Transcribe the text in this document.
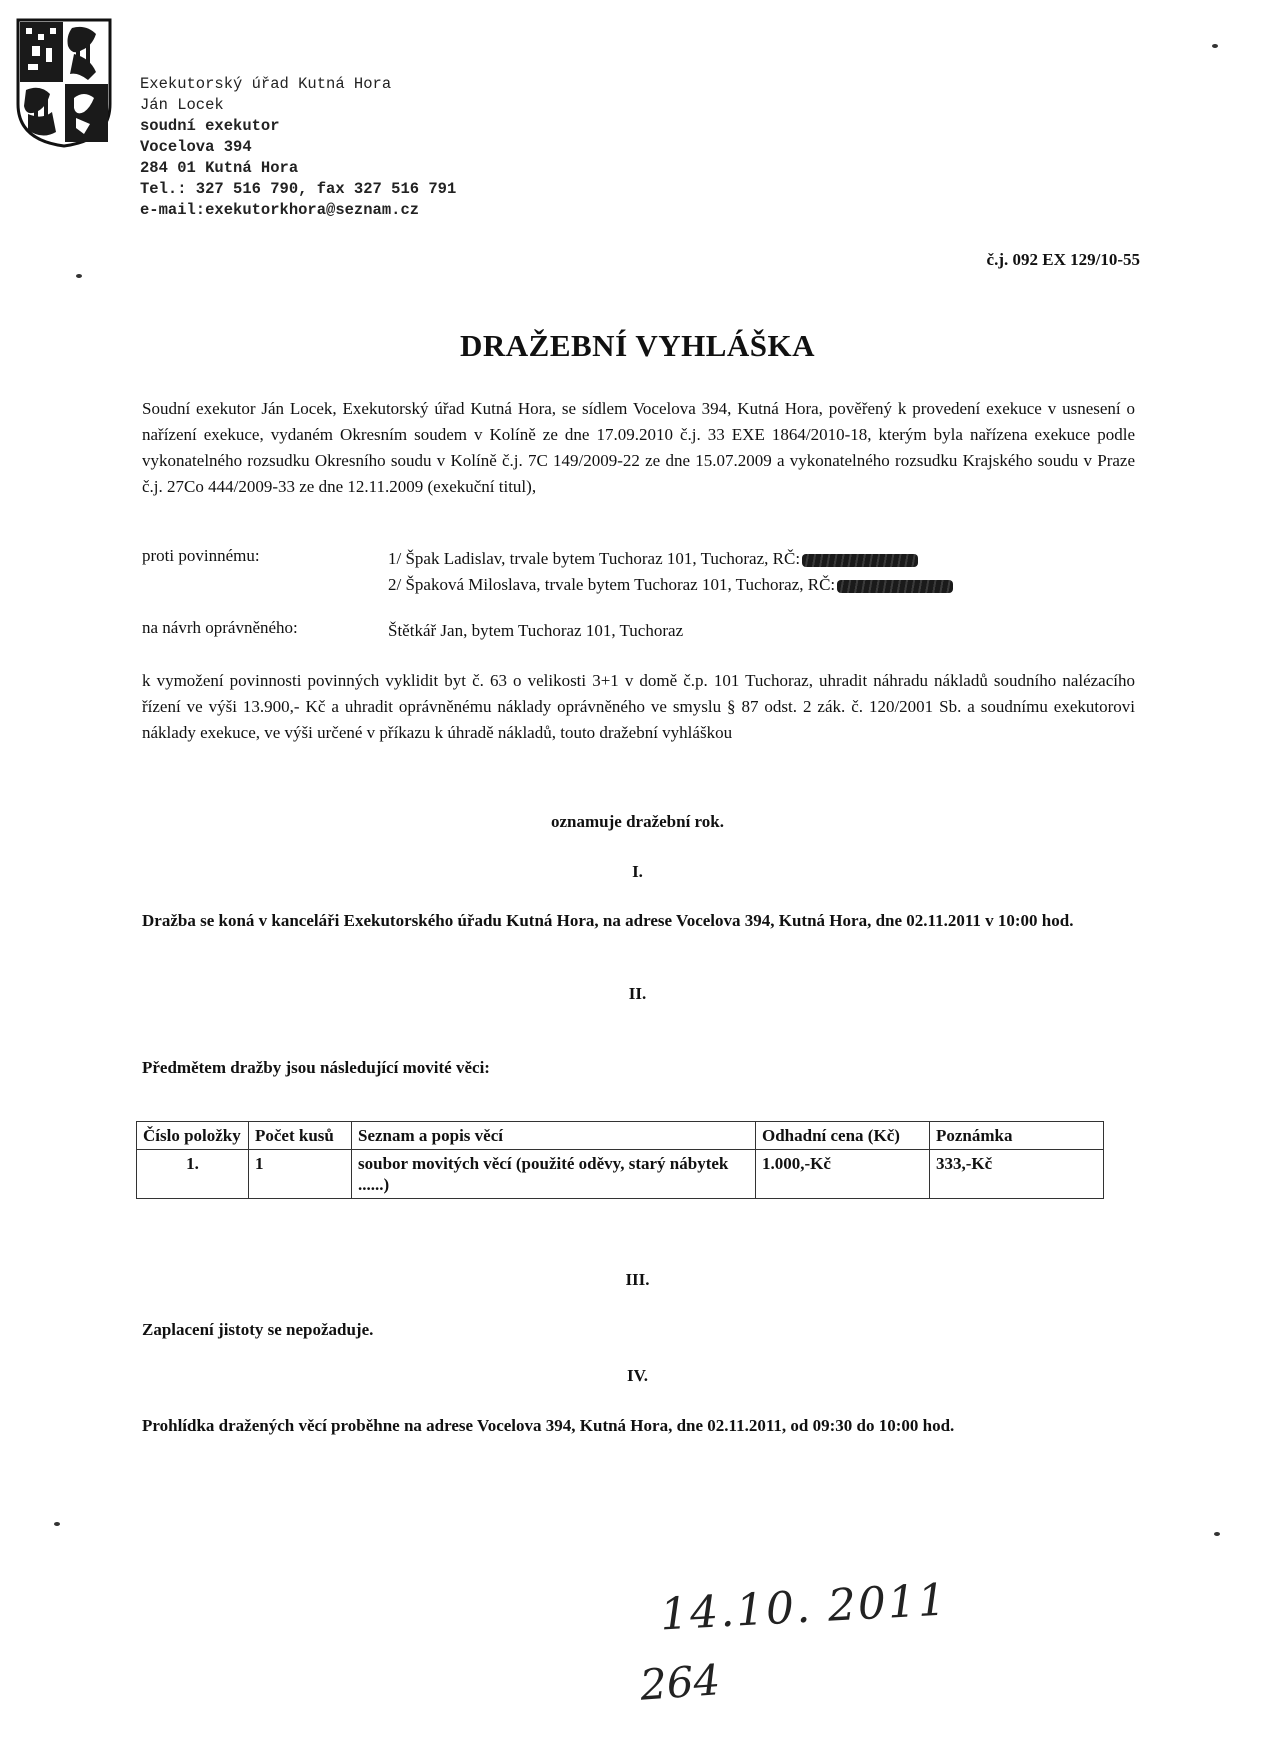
Exekutorský úřad Kutná Hora
Ján Locek
soudní exekutor
Vocelova 394
284 01 Kutná Hora
Tel.: 327 516 790, fax 327 516 791
e-mail:exekutorkhora@seznam.cz
č.j. 092 EX 129/10-55
DRAŽEBNÍ VYHLÁŠKA
Soudní exekutor Ján Locek, Exekutorský úřad Kutná Hora, se sídlem Vocelova 394, Kutná Hora, pověřený k provedení exekuce v usnesení o nařízení exekuce, vydaném Okresním soudem v Kolíně ze dne 17.09.2010 č.j. 33 EXE 1864/2010-18, kterým byla nařízena exekuce podle vykonatelného rozsudku Okresního soudu v Kolíně č.j. 7C 149/2009-22 ze dne 15.07.2009 a vykonatelného rozsudku Krajského soudu v Praze č.j. 27Co 444/2009-33 ze dne 12.11.2009 (exekuční titul),
proti povinnému:	1/ Špak Ladislav, trvale bytem Tuchoraz 101, Tuchoraz, RČ:
2/ Špaková Miloslava, trvale bytem Tuchoraz 101, Tuchoraz, RČ:
na návrh oprávněného:	Štětkář Jan, bytem Tuchoraz 101, Tuchoraz
k vymožení povinnosti povinných vyklidit byt č. 63 o velikosti 3+1 v domě č.p. 101 Tuchoraz, uhradit náhradu nákladů soudního nalézacího řízení ve výši 13.900,- Kč a uhradit oprávněnému náklady oprávněného ve smyslu § 87 odst. 2 zák. č. 120/2001 Sb. a soudnímu exekutorovi náklady exekuce, ve výši určené v příkazu k úhradě nákladů, touto dražební vyhláškou
oznamuje dražební rok.
I.
Dražba se koná v kanceláři Exekutorského úřadu Kutná Hora, na adrese Vocelova 394, Kutná Hora, dne 02.11.2011 v 10:00 hod.
II.
Předmětem dražby jsou následující movité věci:
Číslo položky	Počet kusů	Seznam a popis věcí	Odhadní cena (Kč)	Poznámka
1.	1	soubor movitých věcí (použité oděvy, starý nábytek ......)	1.000,-Kč	333,-Kč
III.
Zaplacení jistoty se nepožaduje.
IV.
Prohlídka dražených věcí proběhne na adrese Vocelova 394, Kutná Hora, dne 02.11.2011, od 09:30 do 10:00 hod.
14.10. 2011
264
